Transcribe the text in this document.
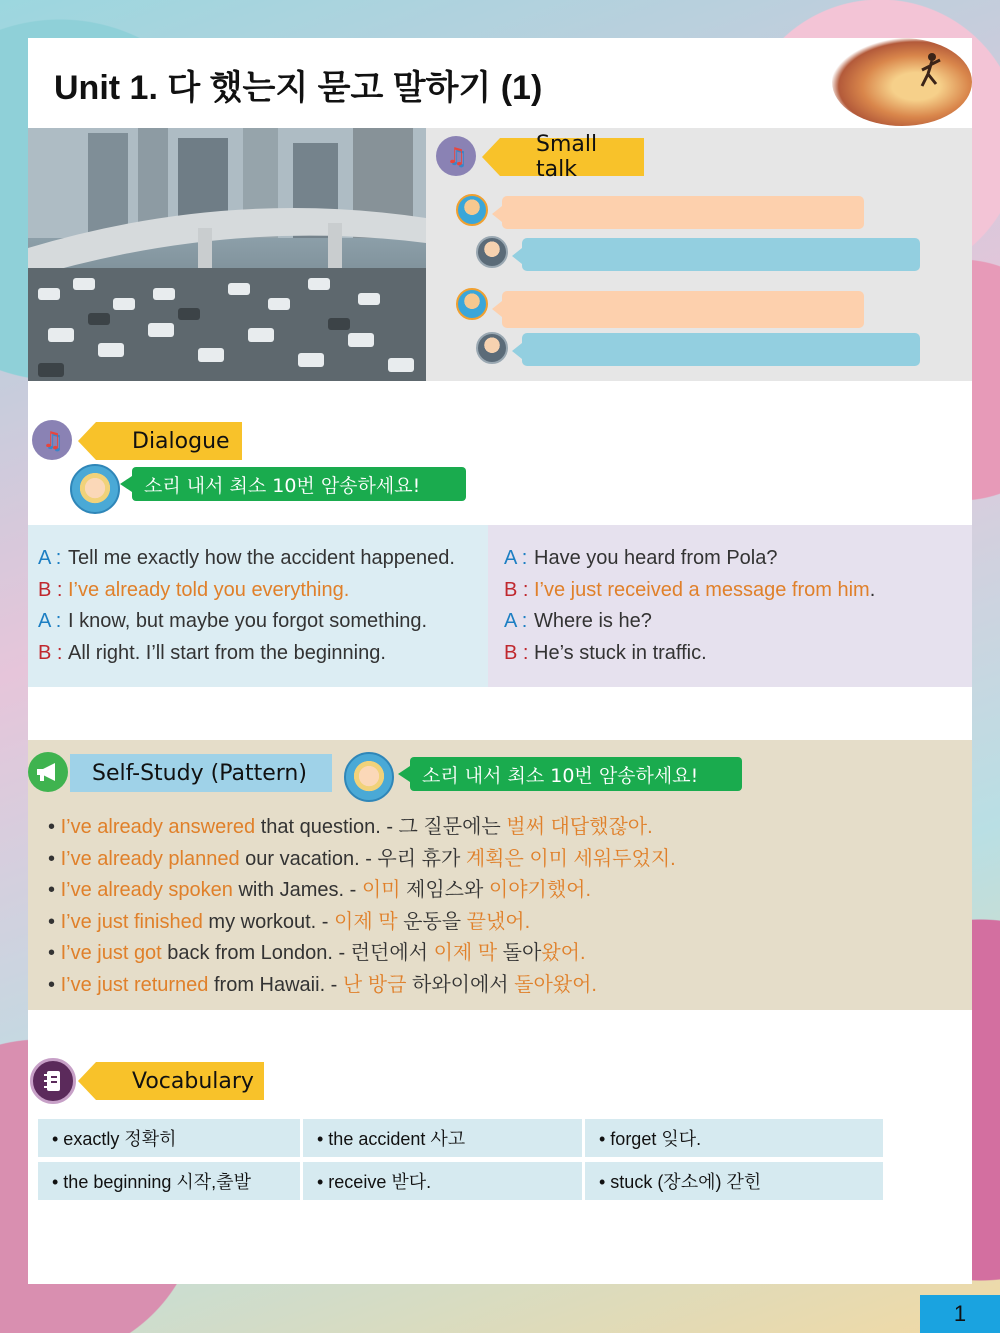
Unit 1. 다 했는지 묻고 말하기 (1)
♫	Small talk
♫	Dialogue
소리 내서 최소 10번 암송하세요!
A : Tell me exactly how the accident happened.
B : I’ve already told you everything.
A : I know, but maybe you forgot something.
B : All right. I’ll start from the beginning.
A : Have you heard from Pola?
B : I’ve just received a message from him.
A : Where is he?
B : He’s stuck in traffic.
Self-Study (Pattern)	소리 내서 최소 10번 암송하세요!
• I’ve already answered that question. - 그 질문에는 벌써 대답했잖아.
• I’ve already planned our vacation. - 우리 휴가 계획은 이미 세워두었지.
• I’ve already spoken with James. - 이미 제임스와 이야기했어.
• I’ve just finished my workout. - 이제 막 운동을 끝냈어.
• I’ve just got back from London. - 런던에서 이제 막 돌아왔어.
• I’ve just returned from Hawaii. - 난 방금 하와이에서 돌아왔어.
Vocabulary
• exactly 정확히	• the accident 사고	• forget 잊다.
• the beginning 시작,출발	• receive 받다.	• stuck (장소에) 갇힌
1
